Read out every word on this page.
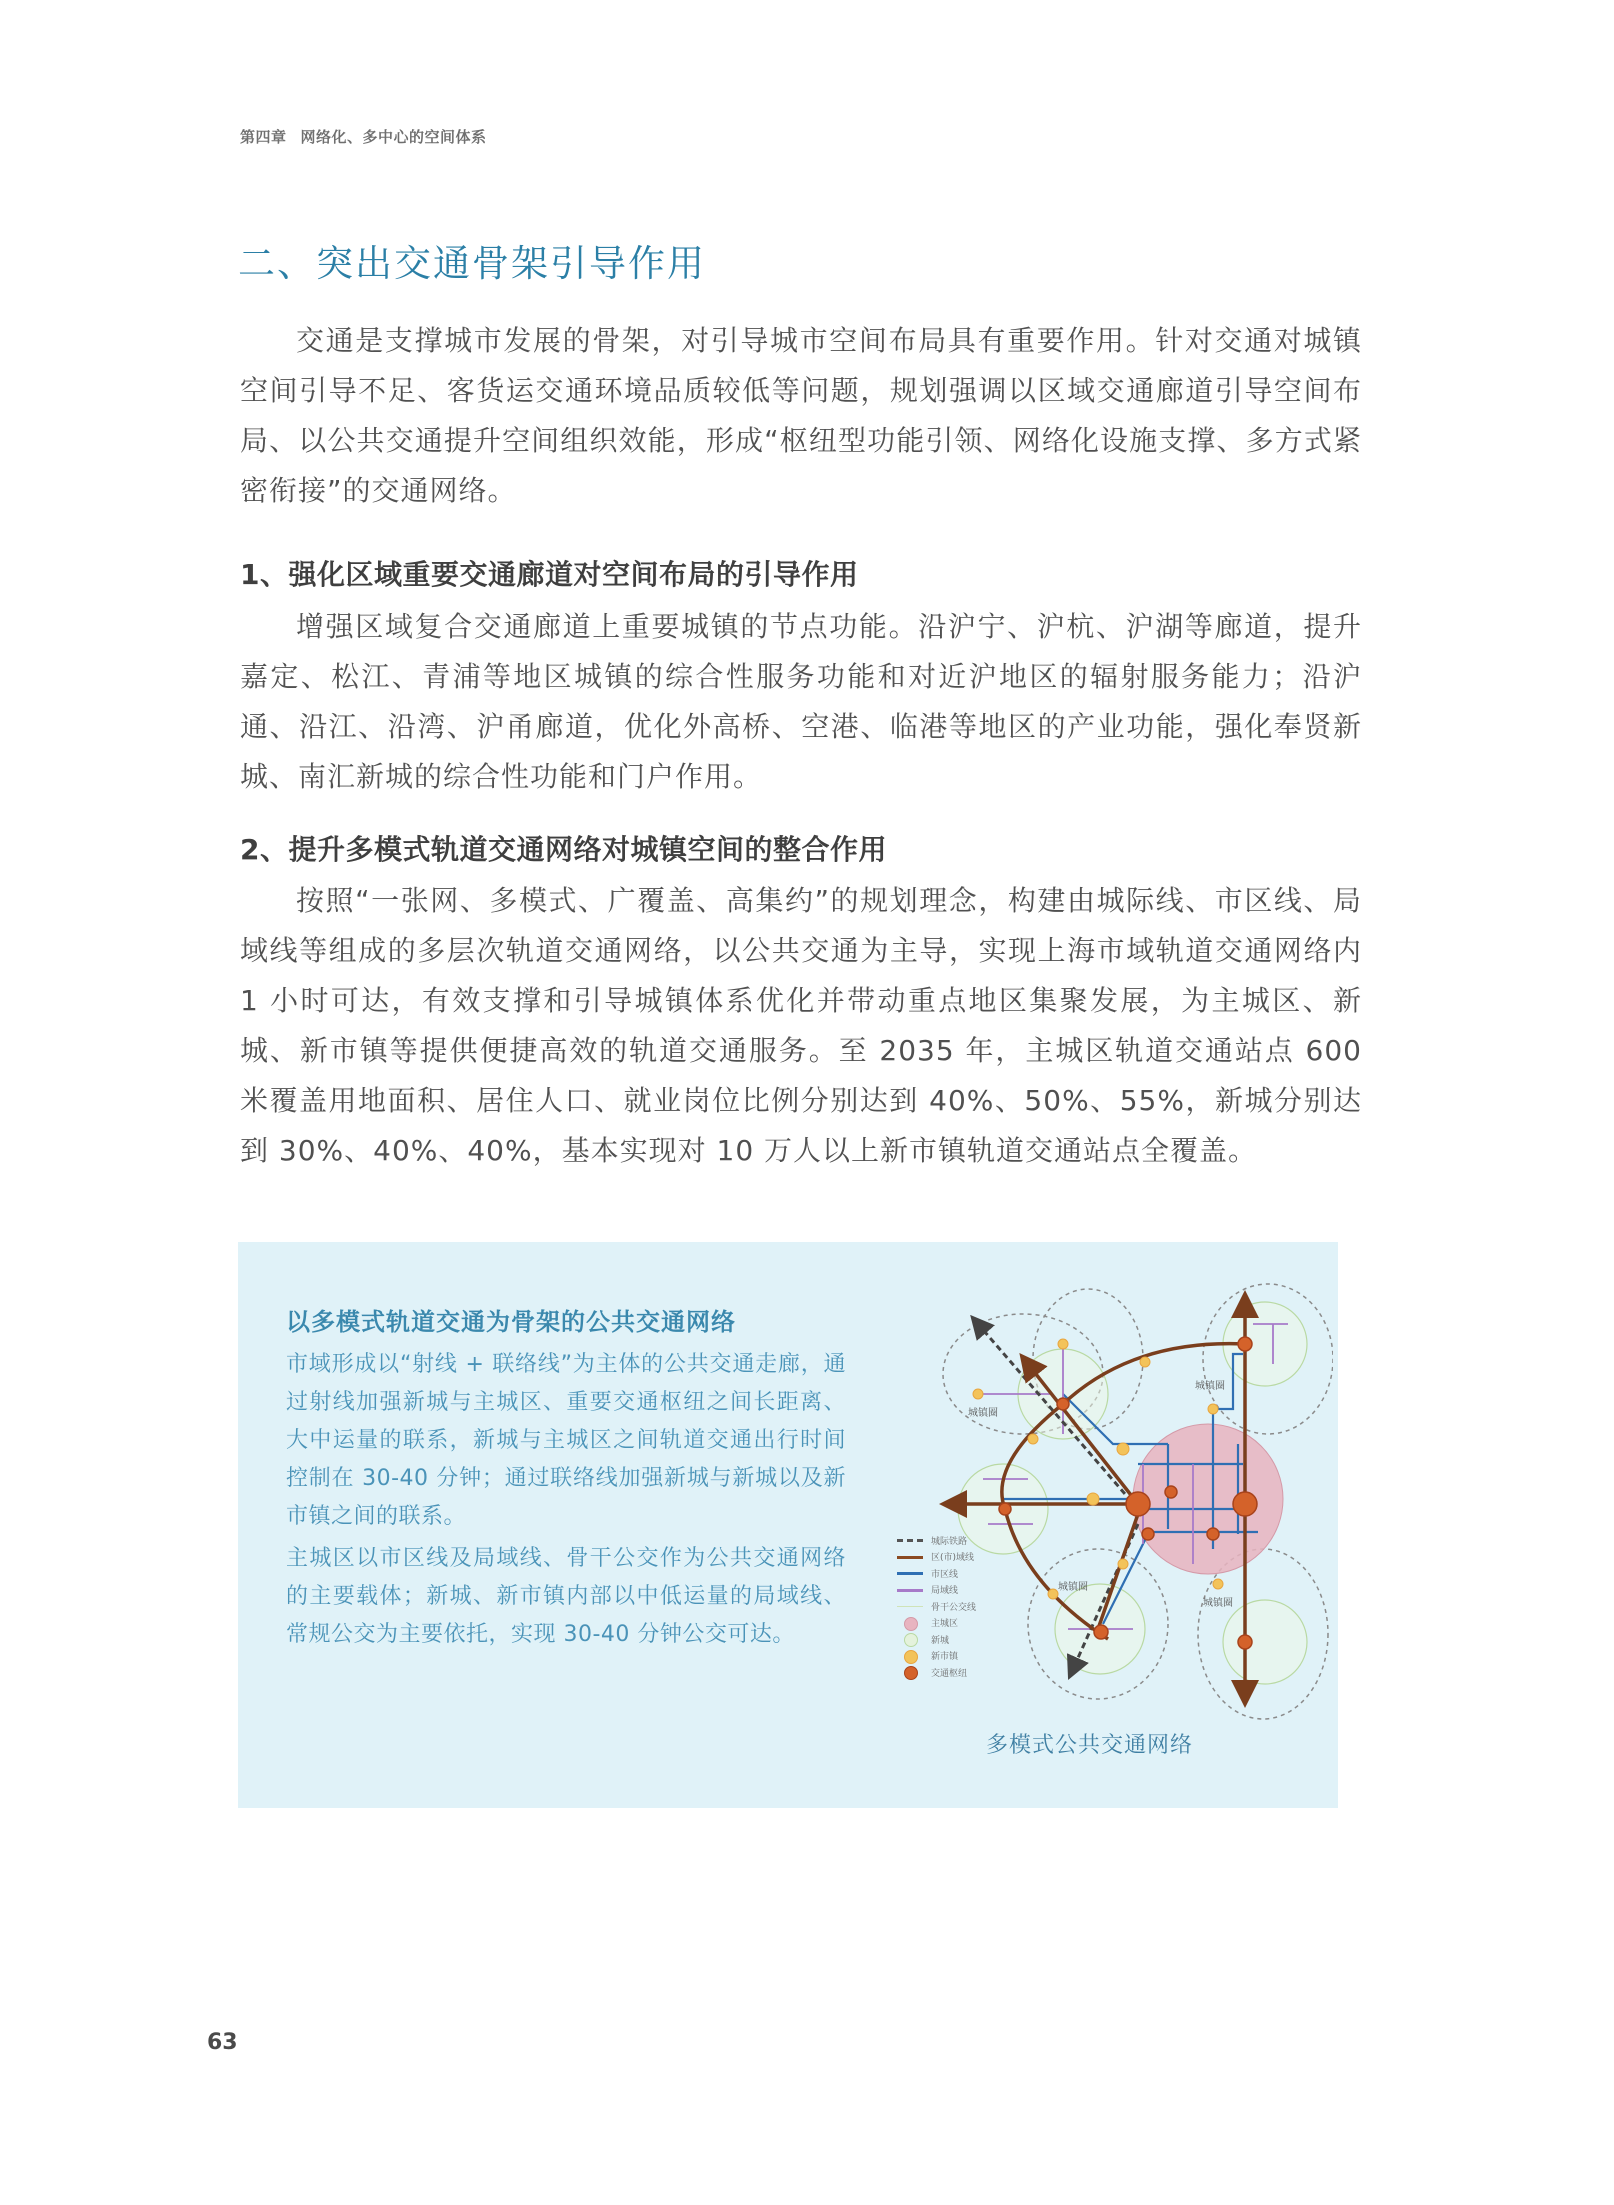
第四章 网络化、多中心的空间体系
二、突出交通骨架引导作用

交通是支撑城市发展的骨架，对引导城市空间布局具有重要作用。针对交通对城镇空间引导不足、客货运交通环境品质较低等问题，规划强调以区域交通廊道引导空间布局、以公共交通提升空间组织效能，形成“枢纽型功能引领、网络化设施支撑、多方式紧密衔接”的交通网络。

1、强化区域重要交通廊道对空间布局的引导作用

增强区域复合交通廊道上重要城镇的节点功能。沿沪宁、沪杭、沪湖等廊道，提升嘉定、松江、青浦等地区城镇的综合性服务功能和对近沪地区的辐射服务能力；沿沪通、沿江、沿湾、沪甬廊道，优化外高桥、空港、临港等地区的产业功能，强化奉贤新城、南汇新城的综合性功能和门户作用。

2、提升多模式轨道交通网络对城镇空间的整合作用

按照“一张网、多模式、广覆盖、高集约”的规划理念，构建由城际线、市区线、局域线等组成的多层次轨道交通网络，以公共交通为主导，实现上海市域轨道交通网络内 1 小时可达，有效支撑和引导城镇体系优化并带动重点地区集聚发展，为主城区、新城、新市镇等提供便捷高效的轨道交通服务。至 2035 年，主城区轨道交通站点 600 米覆盖用地面积、居住人口、就业岗位比例分别达到 40%、50%、55%，新城分别达到 30%、40%、40%，基本实现对 10 万人以上新市镇轨道交通站点全覆盖。

以多模式轨道交通为骨架的公共交通网络

市域形成以“射线 + 联络线”为主体的公共交通走廊，通过射线加强新城与主城区、重要交通枢纽之间长距离、大中运量的联系，新城与主城区之间轨道交通出行时间控制在 30-40 分钟；通过联络线加强新城与新城以及新市镇之间的联系。

主城区以市区线及局域线、骨干公交作为公共交通网络的主要载体；新城、新市镇内部以中低运量的局域线、常规公交为主要依托，实现 30-40 分钟公交可达。

城镇圈
城镇圈
城镇圈
城镇圈
城际铁路
区(市)域线
市区线
局域线
骨干公交线
主城区
新城
新市镇
交通枢纽
多模式公共交通网络
63
